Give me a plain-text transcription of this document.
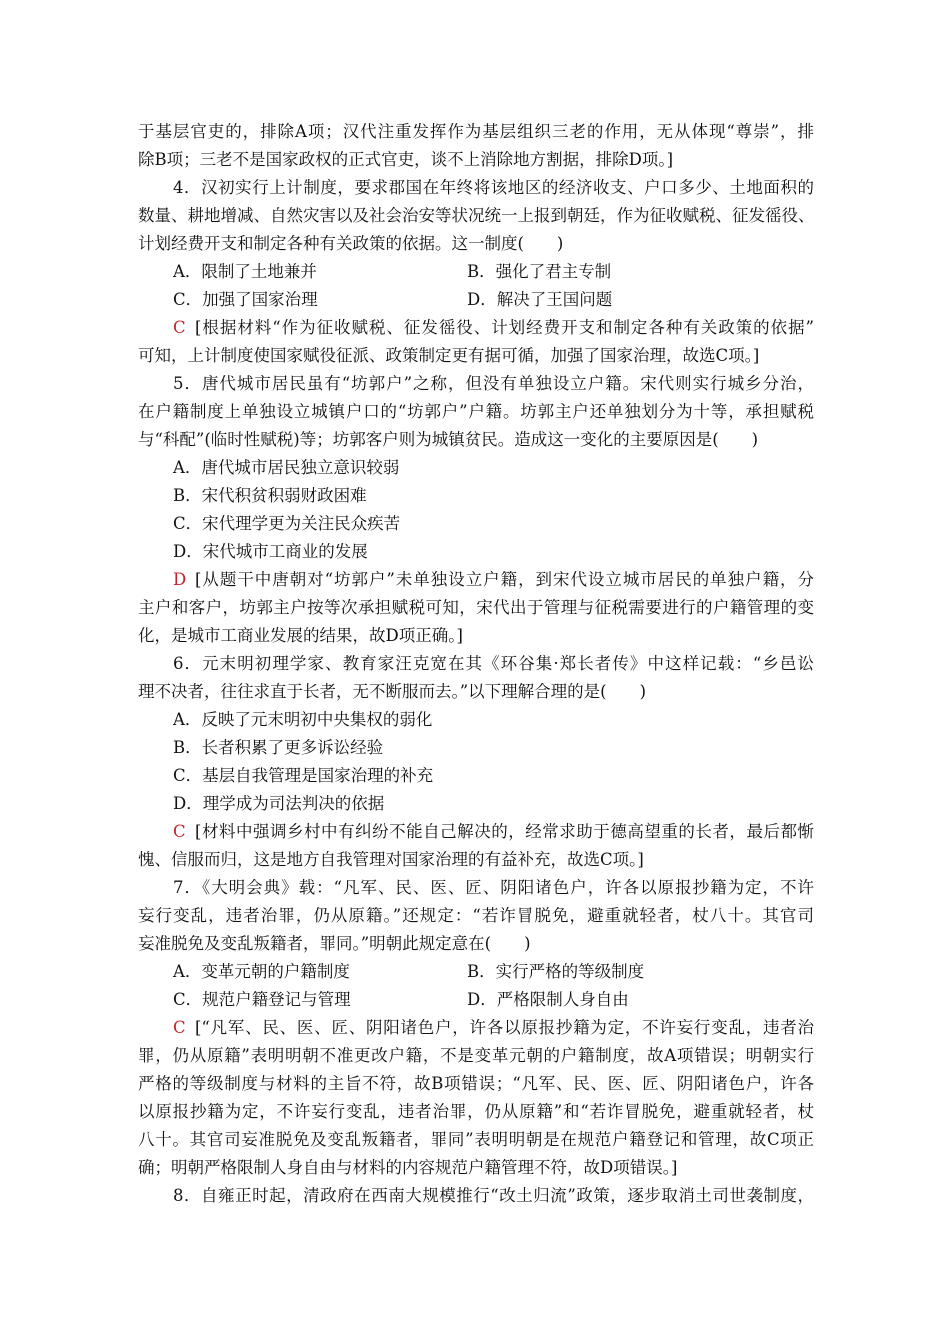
于基层官吏的，排除A项；汉代注重发挥作为基层组织三老的作用，无从体现“尊崇”，排
除B项；三老不是国家政权的正式官吏，谈不上消除地方割据，排除D项。]
4．汉初实行上计制度，要求郡国在年终将该地区的经济收支、户口多少、土地面积的
数量、耕地增减、自然灾害以及社会治安等状况统一上报到朝廷，作为征收赋税、征发徭役、
计划经费开支和制定各种有关政策的依据。这一制度(　　)
A．限制了土地兼并	B．强化了君主专制
C．加强了国家治理	D．解决了王国问题
C [根据材料“作为征收赋税、征发徭役、计划经费开支和制定各种有关政策的依据”
可知，上计制度使国家赋役征派、政策制定更有据可循，加强了国家治理，故选C项。]
5．唐代城市居民虽有“坊郭户”之称，但没有单独设立户籍。宋代则实行城乡分治，
在户籍制度上单独设立城镇户口的“坊郭户”户籍。坊郭主户还单独划分为十等，承担赋税
与“科配”(临时性赋税)等；坊郭客户则为城镇贫民。造成这一变化的主要原因是(　　)
A．唐代城市居民独立意识较弱
B．宋代积贫积弱财政困难
C．宋代理学更为关注民众疾苦
D．宋代城市工商业的发展
D [从题干中唐朝对“坊郭户”未单独设立户籍，到宋代设立城市居民的单独户籍，分
主户和客户，坊郭主户按等次承担赋税可知，宋代出于管理与征税需要进行的户籍管理的变
化，是城市工商业发展的结果，故D项正确。]
6．元末明初理学家、教育家汪克宽在其《环谷集·郑长者传》中这样记载：“乡邑讼
理不决者，往往求直于长者，无不断服而去。”以下理解合理的是(　　)
A．反映了元末明初中央集权的弱化
B．长者积累了更多诉讼经验
C．基层自我管理是国家治理的补充
D．理学成为司法判决的依据
C [材料中强调乡村中有纠纷不能自己解决的，经常求助于德高望重的长者，最后都惭
愧、信服而归，这是地方自我管理对国家治理的有益补充，故选C项。]
7．《大明会典》载：“凡军、民、医、匠、阴阳诸色户，许各以原报抄籍为定，不许
妄行变乱，违者治罪，仍从原籍。”还规定：“若诈冒脱免，避重就轻者，杖八十。其官司
妄准脱免及变乱叛籍者，罪同。”明朝此规定意在(　　)
A．变革元朝的户籍制度	B．实行严格的等级制度
C．规范户籍登记与管理	D．严格限制人身自由
C [“凡军、民、医、匠、阴阳诸色户，许各以原报抄籍为定，不许妄行变乱，违者治
罪，仍从原籍”表明明朝不准更改户籍，不是变革元朝的户籍制度，故A项错误；明朝实行
严格的等级制度与材料的主旨不符，故B项错误；“凡军、民、医、匠、阴阳诸色户，许各
以原报抄籍为定，不许妄行变乱，违者治罪，仍从原籍”和“若诈冒脱免，避重就轻者，杖
八十。其官司妄准脱免及变乱叛籍者，罪同”表明明朝是在规范户籍登记和管理，故C项正
确；明朝严格限制人身自由与材料的内容规范户籍管理不符，故D项错误。]
8．自雍正时起，清政府在西南大规模推行“改土归流”政策，逐步取消土司世袭制度，
